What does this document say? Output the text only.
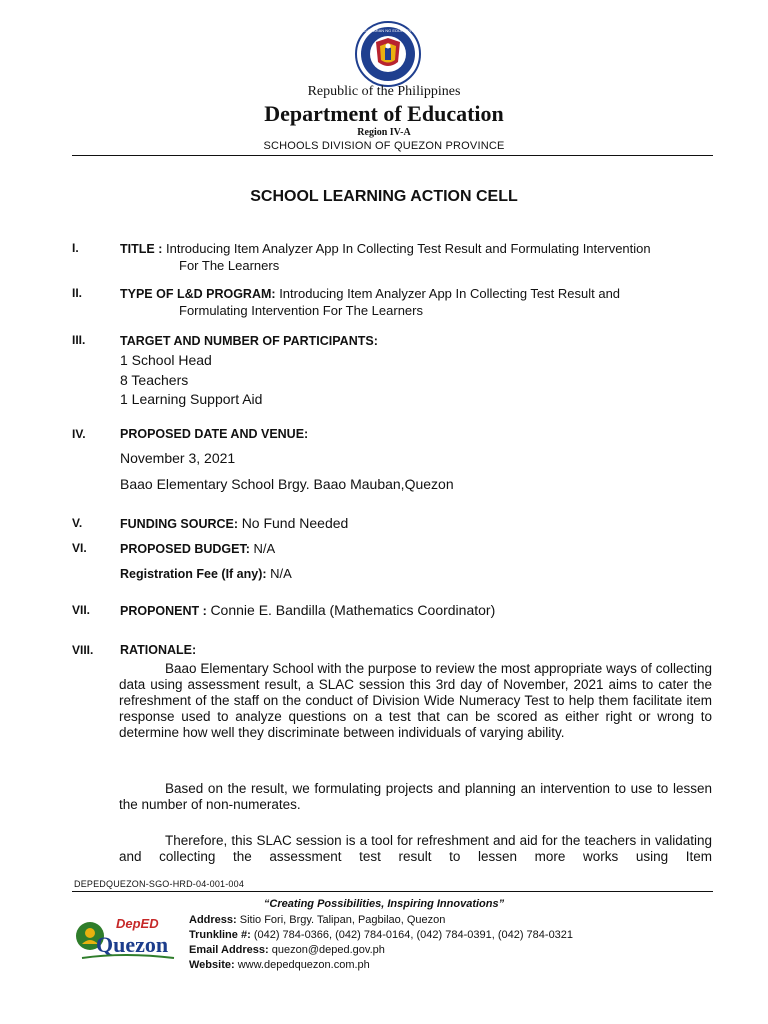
KAGAWARAN NG EDUKASYON
Republic of the Philippines
Department of Education
Region IV-A
SCHOOLS DIVISION OF QUEZON PROVINCE
SCHOOL LEARNING ACTION CELL
I.	TITLE : Introducing Item Analyzer App In Collecting Test Result and Formulating Intervention
For The Learners
II.	TYPE OF L&D PROGRAM: Introducing Item Analyzer App In Collecting Test Result and
Formulating Intervention For The Learners
III.	TARGET AND NUMBER OF PARTICIPANTS:
1 School Head
8 Teachers
1 Learning Support Aid
IV.	PROPOSED DATE AND VENUE:
November 3, 2021
Baao Elementary School Brgy. Baao Mauban,Quezon
V.	FUNDING SOURCE: No Fund Needed
VI.	PROPOSED BUDGET: N/A
Registration Fee (If any): N/A
VII. PROPONENT : Connie E. Bandilla (Mathematics Coordinator)
VIII. RATIONALE:
Baao Elementary School with the purpose to review the most appropriate ways of collecting data using assessment result, a SLAC session this 3rd day of November, 2021 aims to cater the refreshment of the staff on the conduct of Division Wide Numeracy Test to help them facilitate item response used to analyze questions on a test that can be scored as either right or wrong to determine how well they discriminate between individuals of varying ability.
Based on the result, we formulating projects and planning an intervention to use to lessen the number of non-numerates.
Therefore, this SLAC session is a tool for refreshment and aid for the teachers in validating and collecting the assessment test result to lessen more works using Item
DEPEDQUEZON-SGO-HRD-04-001-004
“Creating Possibilities, Inspiring Innovations”
DepED
Quezon
Address: Sitio Fori, Brgy. Talipan, Pagbilao, Quezon
Trunkline #: (042) 784-0366, (042) 784-0164, (042) 784-0391, (042) 784-0321
Email Address: quezon@deped.gov.ph
Website: www.depedquezon.com.ph
